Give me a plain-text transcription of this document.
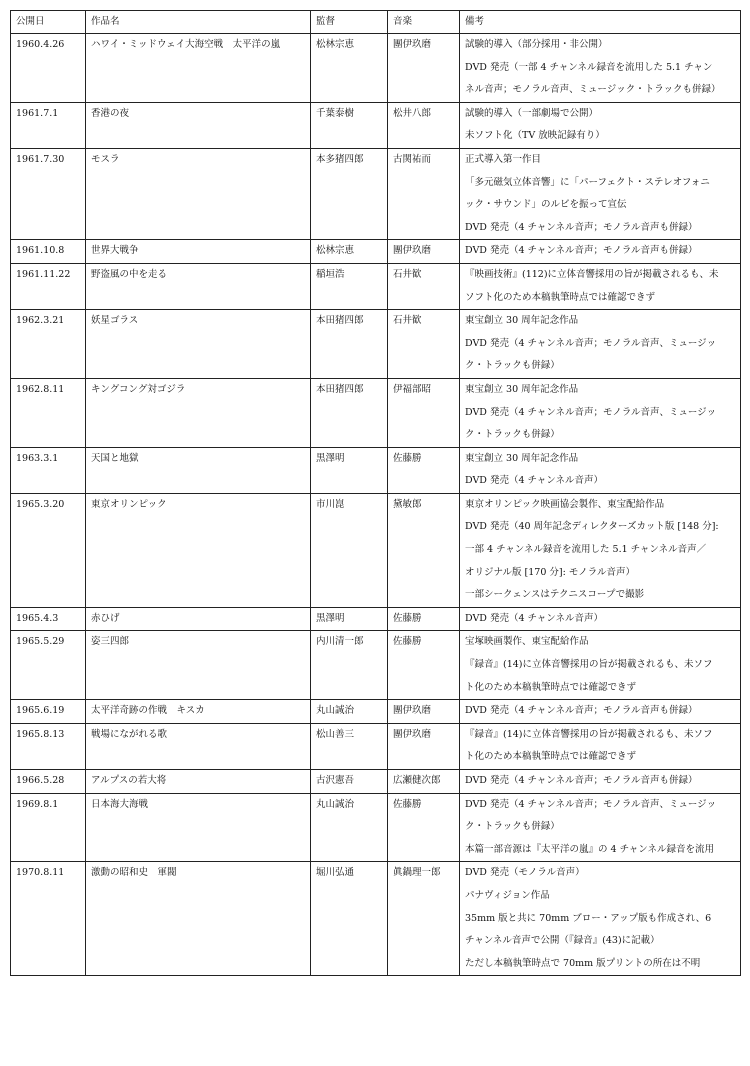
公開日	作品名	監督	音楽	備考
1960.4.26	ハワイ・ミッドウェイ大海空戦　太平洋の嵐	松林宗恵	團伊玖磨	試験的導入（部分採用・非公開）
DVD 発売（一部 4 チャンネル録音を流用した 5.1 チャン
ネル音声；モノラル音声、ミュージック・トラックも併録）

1961.7.1	香港の夜	千葉泰樹	松井八郎	試験的導入（一部劇場で公開）
未ソフト化（TV 放映記録有り）

1961.7.30	モスラ	本多猪四郎	古関祐而	正式導入第一作目
「多元磁気立体音響」に「パーフェクト・ステレオフォニ
ック・サウンド」のルビを振って宣伝
DVD 発売（4 チャンネル音声；モノラル音声も併録）

1961.10.8	世界大戦争	松林宗恵	團伊玖磨	DVD 発売（4 チャンネル音声；モノラル音声も併録）

1961.11.22	野盗風の中を走る	稲垣浩	石井歓	『映画技術』(112)に立体音響採用の旨が掲載されるも、未
ソフト化のため本稿執筆時点では確認できず

1962.3.21	妖星ゴラス	本田猪四郎	石井歓	東宝創立 30 周年記念作品
DVD 発売（4 チャンネル音声；モノラル音声、ミュージッ
ク・トラックも併録）

1962.8.11	キングコング対ゴジラ	本田猪四郎	伊福部昭	東宝創立 30 周年記念作品
DVD 発売（4 チャンネル音声；モノラル音声、ミュージッ
ク・トラックも併録）

1963.3.1	天国と地獄	黒澤明	佐藤勝	東宝創立 30 周年記念作品
DVD 発売（4 チャンネル音声）

1965.3.20	東京オリンピック	市川崑	黛敏郎	東京オリンピック映画協会製作、東宝配給作品
DVD 発売（40 周年記念ディレクターズカット版 [148 分]:
一部 4 チャンネル録音を流用した 5.1 チャンネル音声／
オリジナル版 [170 分]: モノラル音声）
一部シークェンスはテクニスコープで撮影

1965.4.3	赤ひげ	黒澤明	佐藤勝	DVD 発売（4 チャンネル音声）

1965.5.29	姿三四郎	内川清一郎	佐藤勝	宝塚映画製作、東宝配給作品
『録音』(14)に立体音響採用の旨が掲載されるも、未ソフ
ト化のため本稿執筆時点では確認できず

1965.6.19	太平洋奇跡の作戦　キスカ	丸山誠治	團伊玖磨	DVD 発売（4 チャンネル音声；モノラル音声も併録）

1965.8.13	戦場にながれる歌	松山善三	團伊玖磨	『録音』(14)に立体音響採用の旨が掲載されるも、未ソフ
ト化のため本稿執筆時点では確認できず

1966.5.28	アルプスの若大将	古沢憲吾	広瀬健次郎	DVD 発売（4 チャンネル音声；モノラル音声も併録）

1969.8.1	日本海大海戦	丸山誠治	佐藤勝	DVD 発売（4 チャンネル音声；モノラル音声、ミュージッ
ク・トラックも併録）
本篇一部音源は『太平洋の嵐』の 4 チャンネル録音を流用

1970.8.11	激動の昭和史　軍閥	堀川弘通	眞鍋理一郎	DVD 発売（モノラル音声）
パナヴィジョン作品
35mm 版と共に 70mm ブロー・アップ版も作成され、6
チャンネル音声で公開（『録音』(43)に記載）
ただし本稿執筆時点で 70mm 版プリントの所在は不明
